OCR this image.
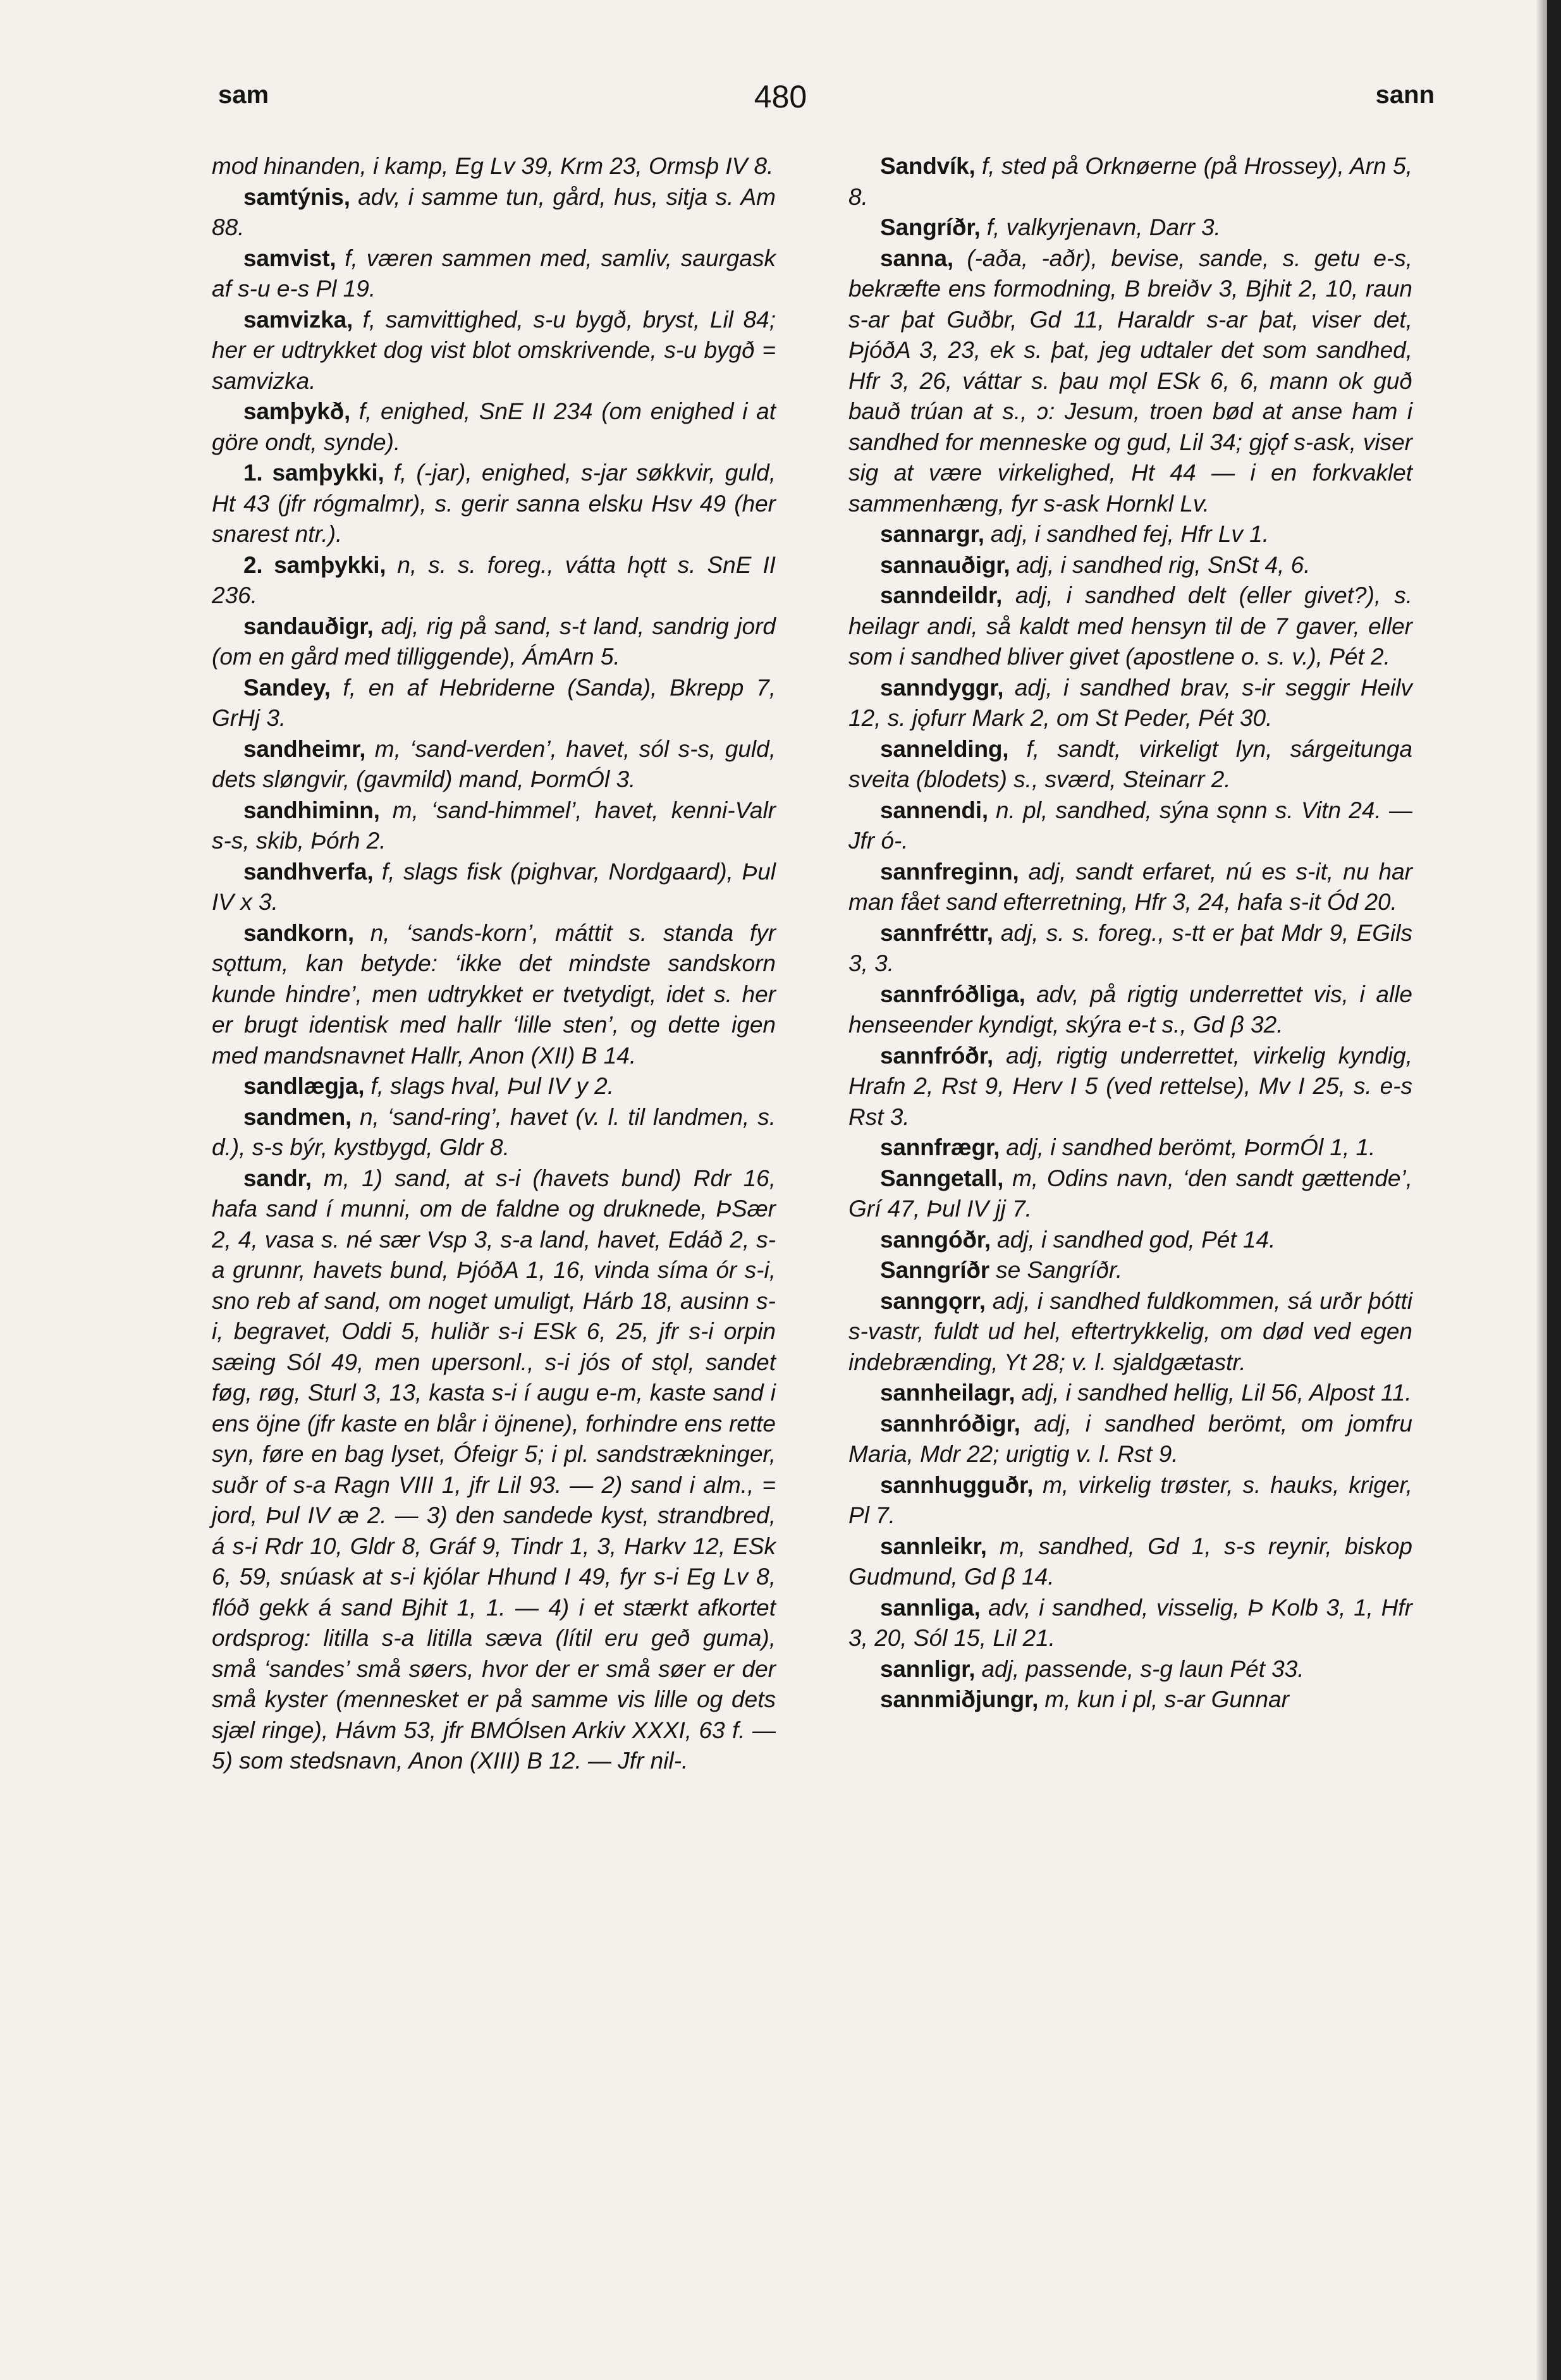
sam	480	sann

mod hinanden, i kamp, Eg Lv 39, Krm 23, Ormsþ IV 8.

samtýnis, adv, i samme tun, gård, hus, sitja s. Am 88.

samvist, f, væren sammen med, samliv, saurgask af s-u e-s Pl 19.

samvizka, f, samvittighed, s-u bygð, bryst, Lil 84; her er udtrykket dog vist blot omskrivende, s-u bygð = samvizka.

samþykð, f, enighed, SnE II 234 (om enighed i at göre ondt, synde).

1. samþykki, f, (-jar), enighed, s-jar søkkvir, guld, Ht 43 (jfr rógmalmr), s. gerir sanna elsku Hsv 49 (her snarest ntr.).

2. samþykki, n, s. s. foreg., vátta hǫtt s. SnE II 236.

sandauðigr, adj, rig på sand, s-t land, sandrig jord (om en gård med tilliggende), ÁmArn 5.

Sandey, f, en af Hebriderne (Sanda), Bkrepp 7, GrHj 3.

sandheimr, m, ‘sand-verden’, havet, sól s-s, guld, dets sløngvir, (gavmild) mand, ÞormÓl 3.

sandhiminn, m, ‘sand-himmel’, havet, kenni-Valr s-s, skib, Þórh 2.

sandhverfa, f, slags fisk (pighvar, Nordgaard), Þul IV x 3.

sandkorn, n, ‘sands-korn’, máttit s. standa fyr sǫttum, kan betyde: ‘ikke det mindste sandskorn kunde hindre’, men udtrykket er tvetydigt, idet s. her er brugt identisk med hallr ‘lille sten’, og dette igen med mandsnavnet Hallr, Anon (XII) B 14.

sandlægja, f, slags hval, Þul IV y 2.

sandmen, n, ‘sand-ring’, havet (v. l. til landmen, s. d.), s-s býr, kystbygd, Gldr 8.

sandr, m, 1) sand, at s-i (havets bund) Rdr 16, hafa sand í munni, om de faldne og druknede, ÞSær 2, 4, vasa s. né sær Vsp 3, s-a land, havet, Edáð 2, s-a grunnr, havets bund, ÞjóðA 1, 16, vinda síma ór s-i, sno reb af sand, om noget umuligt, Hárb 18, ausinn s-i, begravet, Oddi 5, huliðr s-i ESk 6, 25, jfr s-i orpin sæing Sól 49, men upersonl., s-i jós of stǫl, sandet føg, røg, Sturl 3, 13, kasta s-i í augu e-m, kaste sand i ens öjne (jfr kaste en blår i öjnene), forhindre ens rette syn, føre en bag lyset, Ófeigr 5; i pl. sandstrækninger, suðr of s-a Ragn VIII 1, jfr Lil 93. — 2) sand i alm., = jord, Þul IV æ 2. — 3) den sandede kyst, strandbred, á s-i Rdr 10, Gldr 8, Gráf 9, Tindr 1, 3, Harkv 12, ESk 6, 59, snúask at s-i kjólar Hhund I 49, fyr s-i Eg Lv 8, flóð gekk á sand Bjhit 1, 1. — 4) i et stærkt afkortet ordsprog: litilla s-a litilla sæva (lítil eru geð guma), små ‘sandes’ små søers, hvor der er små søer er der små kyster (mennesket er på samme vis lille og dets sjæl ringe), Hávm 53, jfr BMÓlsen Arkiv XXXI, 63 f. — 5) som stedsnavn, Anon (XIII) B 12. — Jfr nil-.

Sandvík, f, sted på Orknøerne (på Hrossey), Arn 5, 8.

Sangríðr, f, valkyrjenavn, Darr 3.

sanna, (-aða, -aðr), bevise, sande, s. getu e-s, bekræfte ens formodning, B breiðv 3, Bjhit 2, 10, raun s-ar þat Guðbr, Gd 11, Haraldr s-ar þat, viser det, ÞjóðA 3, 23, ek s. þat, jeg udtaler det som sandhed, Hfr 3, 26, váttar s. þau mǫl ESk 6, 6, mann ok guð bauð trúan at s., ɔ: Jesum, troen bød at anse ham i sandhed for menneske og gud, Lil 34; gjǫf s-ask, viser sig at være virkelighed, Ht 44 — i en forkvaklet sammenhæng, fyr s-ask Hornkl Lv.

sannargr, adj, i sandhed fej, Hfr Lv 1.

sannauðigr, adj, i sandhed rig, SnSt 4, 6.

sanndeildr, adj, i sandhed delt (eller givet?), s. heilagr andi, så kaldt med hensyn til de 7 gaver, eller som i sandhed bliver givet (apostlene o. s. v.), Pét 2.

sanndyggr, adj, i sandhed brav, s-ir seggir Heilv 12, s. jǫfurr Mark 2, om St Peder, Pét 30.

sannelding, f, sandt, virkeligt lyn, sárgeitunga sveita (blodets) s., sværd, Steinarr 2.

sannendi, n. pl, sandhed, sýna sǫnn s. Vitn 24. — Jfr ó-.

sannfreginn, adj, sandt erfaret, nú es s-it, nu har man fået sand efterretning, Hfr 3, 24, hafa s-it Ód 20.

sannfréttr, adj, s. s. foreg., s-tt er þat Mdr 9, EGils 3, 3.

sannfróðliga, adv, på rigtig underrettet vis, i alle henseender kyndigt, skýra e-t s., Gd β 32.

sannfróðr, adj, rigtig underrettet, virkelig kyndig, Hrafn 2, Rst 9, Herv I 5 (ved rettelse), Mv I 25, s. e-s Rst 3.

sannfrægr, adj, i sandhed berömt, ÞormÓl 1, 1.

Sanngetall, m, Odins navn, ‘den sandt gættende’, Grí 47, Þul IV jj 7.

sanngóðr, adj, i sandhed god, Pét 14.

Sanngríðr se Sangríðr.

sanngǫrr, adj, i sandhed fuldkommen, sá urðr þótti s-vastr, fuldt ud hel, eftertrykkelig, om død ved egen indebrænding, Yt 28; v. l. sjaldgætastr.

sannheilagr, adj, i sandhed hellig, Lil 56, Alpost 11.

sannhróðigr, adj, i sandhed berömt, om jomfru Maria, Mdr 22; urigtig v. l. Rst 9.

sannhugguðr, m, virkelig trøster, s. hauks, kriger, Pl 7.

sannleikr, m, sandhed, Gd 1, s-s reynir, biskop Gudmund, Gd β 14.

sannliga, adv, i sandhed, visselig, Þ Kolb 3, 1, Hfr 3, 20, Sól 15, Lil 21.

sannligr, adj, passende, s-g laun Pét 33.

sannmiðjungr, m, kun i pl, s-ar Gunnar
